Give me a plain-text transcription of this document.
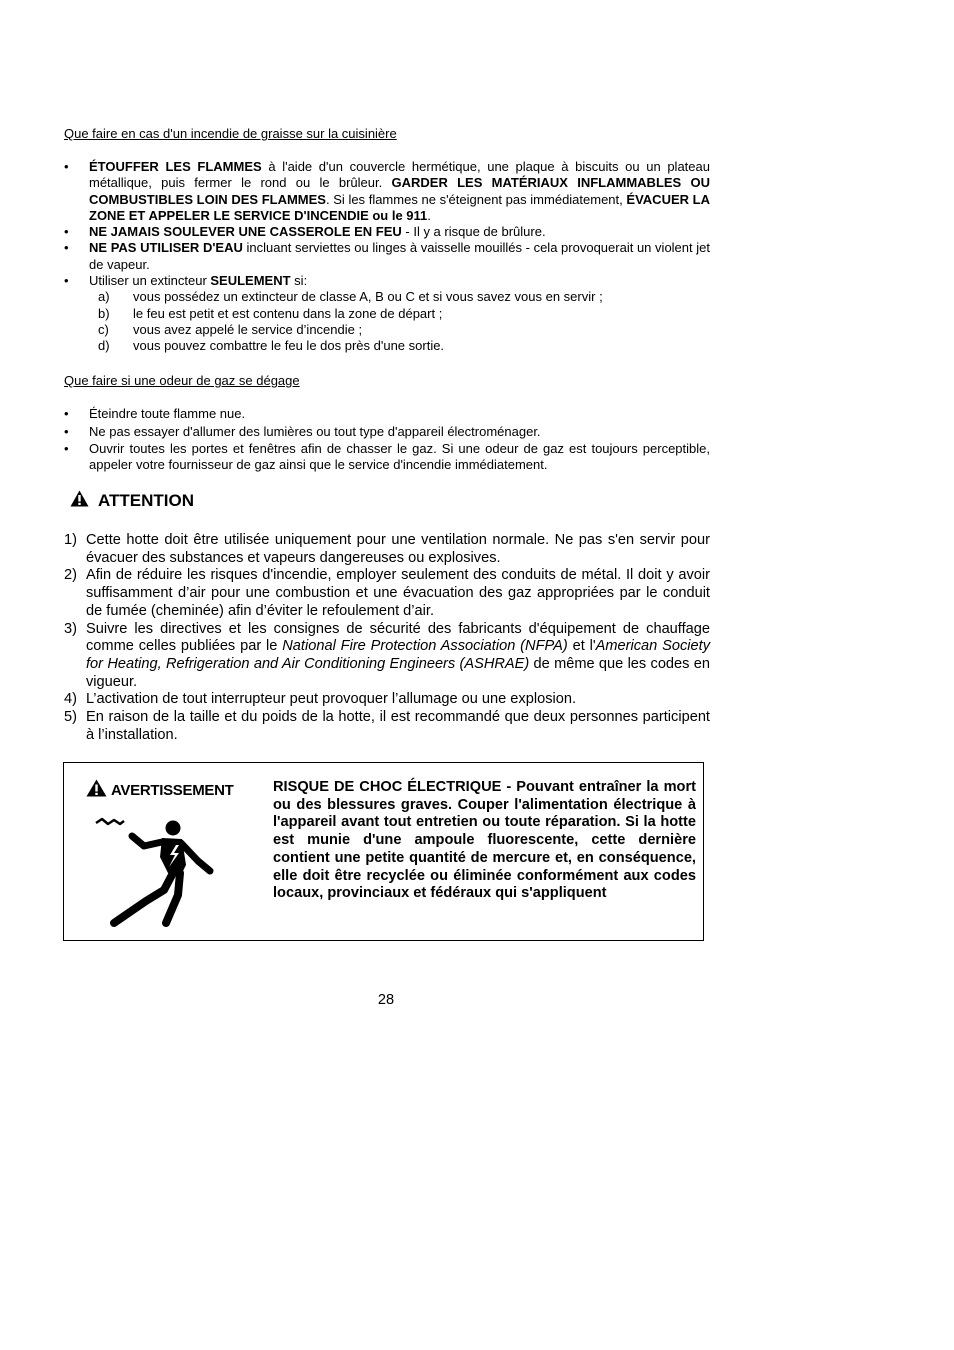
Que faire en cas d'un incendie de graisse sur la cuisinière

• ÉTOUFFER LES FLAMMES à l'aide d'un couvercle hermétique, une plaque à biscuits ou un plateau métallique, puis fermer le rond ou le brûleur. GARDER LES MATÉRIAUX INFLAMMABLES OU COMBUSTIBLES LOIN DES FLAMMES. Si les flammes ne s'éteignent pas immédiatement, ÉVACUER LA ZONE ET APPELER LE SERVICE D'INCENDIE ou le 911.
• NE JAMAIS SOULEVER UNE CASSEROLE EN FEU - Il y a risque de brûlure.
• NE PAS UTILISER D'EAU incluant serviettes ou linges à vaisselle mouillés - cela provoquerait un violent jet de vapeur.
• Utiliser un extincteur SEULEMENT si:
a) vous possédez un extincteur de classe A, B ou C et si vous savez vous en servir ;
b) le feu est petit et est contenu dans la zone de départ ;
c) vous avez appelé le service d’incendie ;
d) vous pouvez combattre le feu le dos près d'une sortie.

Que faire si une odeur de gaz se dégage

• Éteindre toute flamme nue.
• Ne pas essayer d'allumer des lumières ou tout type d'appareil électroménager.
• Ouvrir toutes les portes et fenêtres afin de chasser le gaz. Si une odeur de gaz est toujours perceptible, appeler votre fournisseur de gaz ainsi que le service d'incendie immédiatement.
ATTENTION
1) Cette hotte doit être utilisée uniquement pour une ventilation normale. Ne pas s'en servir pour évacuer des substances et vapeurs dangereuses ou explosives.
2) Afin de réduire les risques d'incendie, employer seulement des conduits de métal. Il doit y avoir suffisamment d’air pour une combustion et une évacuation des gaz appropriées par le conduit de fumée (cheminée) afin d’éviter le refoulement d’air.
3) Suivre les directives et les consignes de sécurité des fabricants d'équipement de chauffage comme celles publiées par le National Fire Protection Association (NFPA) et l'American Society for Heating, Refrigeration and Air Conditioning Engineers (ASHRAE) de même que les codes en vigueur.
4) L’activation de tout interrupteur peut provoquer l’allumage ou une explosion.
5) En raison de la taille et du poids de la hotte, il est recommandé que deux personnes participent à l’installation.
AVERTISSEMENT	RISQUE DE CHOC ÉLECTRIQUE - Pouvant entraîner la mort ou des blessures graves. Couper l'alimentation électrique à l'appareil avant tout entretien ou toute réparation. Si la hotte est munie d'une ampoule fluorescente, cette dernière contient une petite quantité de mercure et, en conséquence, elle doit être recyclée ou éliminée conformément aux codes locaux, provinciaux et fédéraux qui s'appliquent

28
